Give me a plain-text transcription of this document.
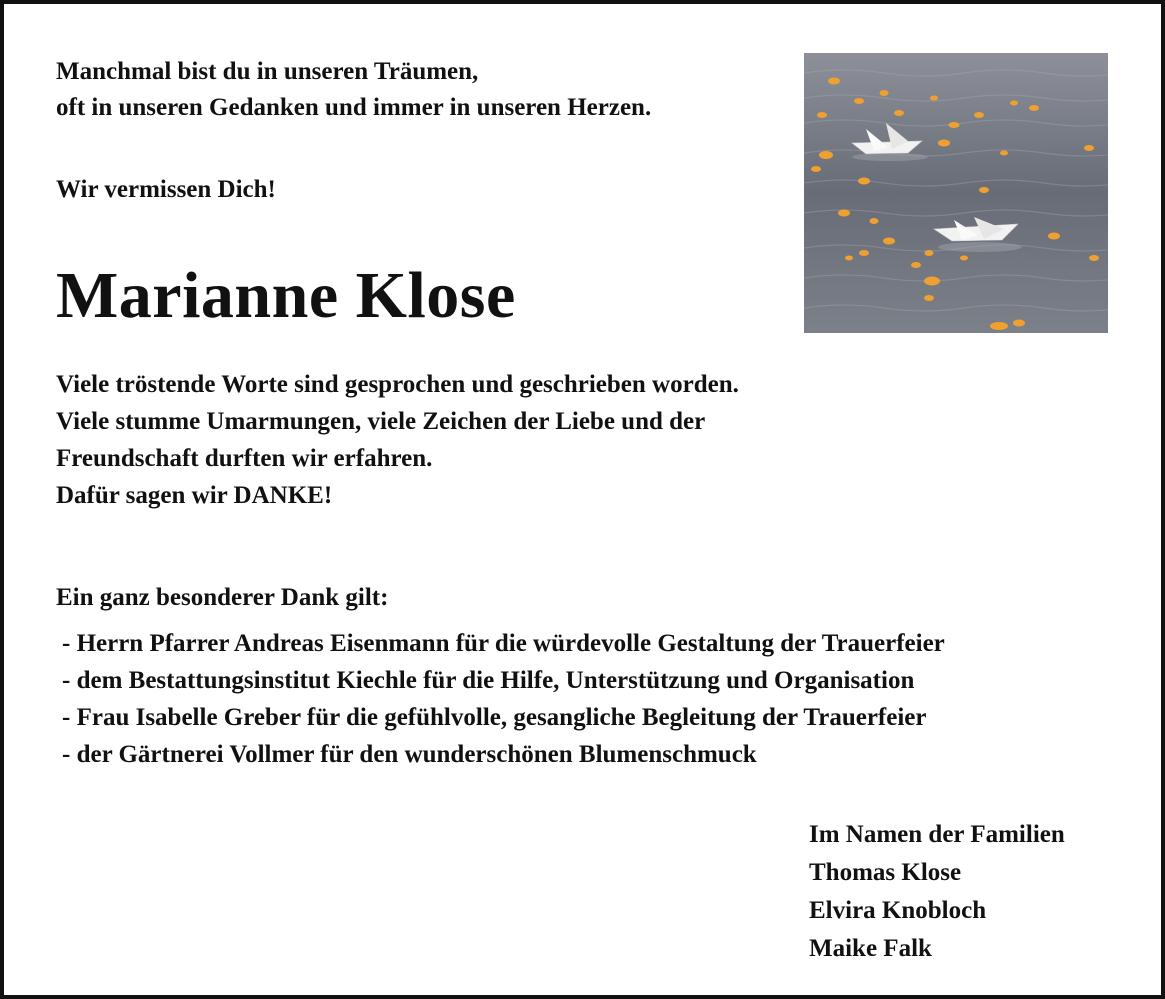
Manchmal bist du in unseren Träumen,
oft in unseren Gedanken und immer in unseren Herzen.
Wir vermissen Dich!
Marianne Klose
Viele tröstende Worte sind gesprochen und geschrieben worden.
Viele stumme Umarmungen, viele Zeichen der Liebe und der
Freundschaft durften wir erfahren.
Dafür sagen wir DANKE!
Ein ganz besonderer Dank gilt:
- Herrn Pfarrer Andreas Eisenmann für die würdevolle Gestaltung der Trauerfeier
- dem Bestattungsinstitut Kiechle für die Hilfe, Unterstützung und Organisation
- Frau Isabelle Greber für die gefühlvolle, gesangliche Begleitung der Trauerfeier
- der Gärtnerei Vollmer für den wunderschönen Blumenschmuck
Im Namen der Familien
Thomas Klose
Elvira Knobloch
Maike Falk
